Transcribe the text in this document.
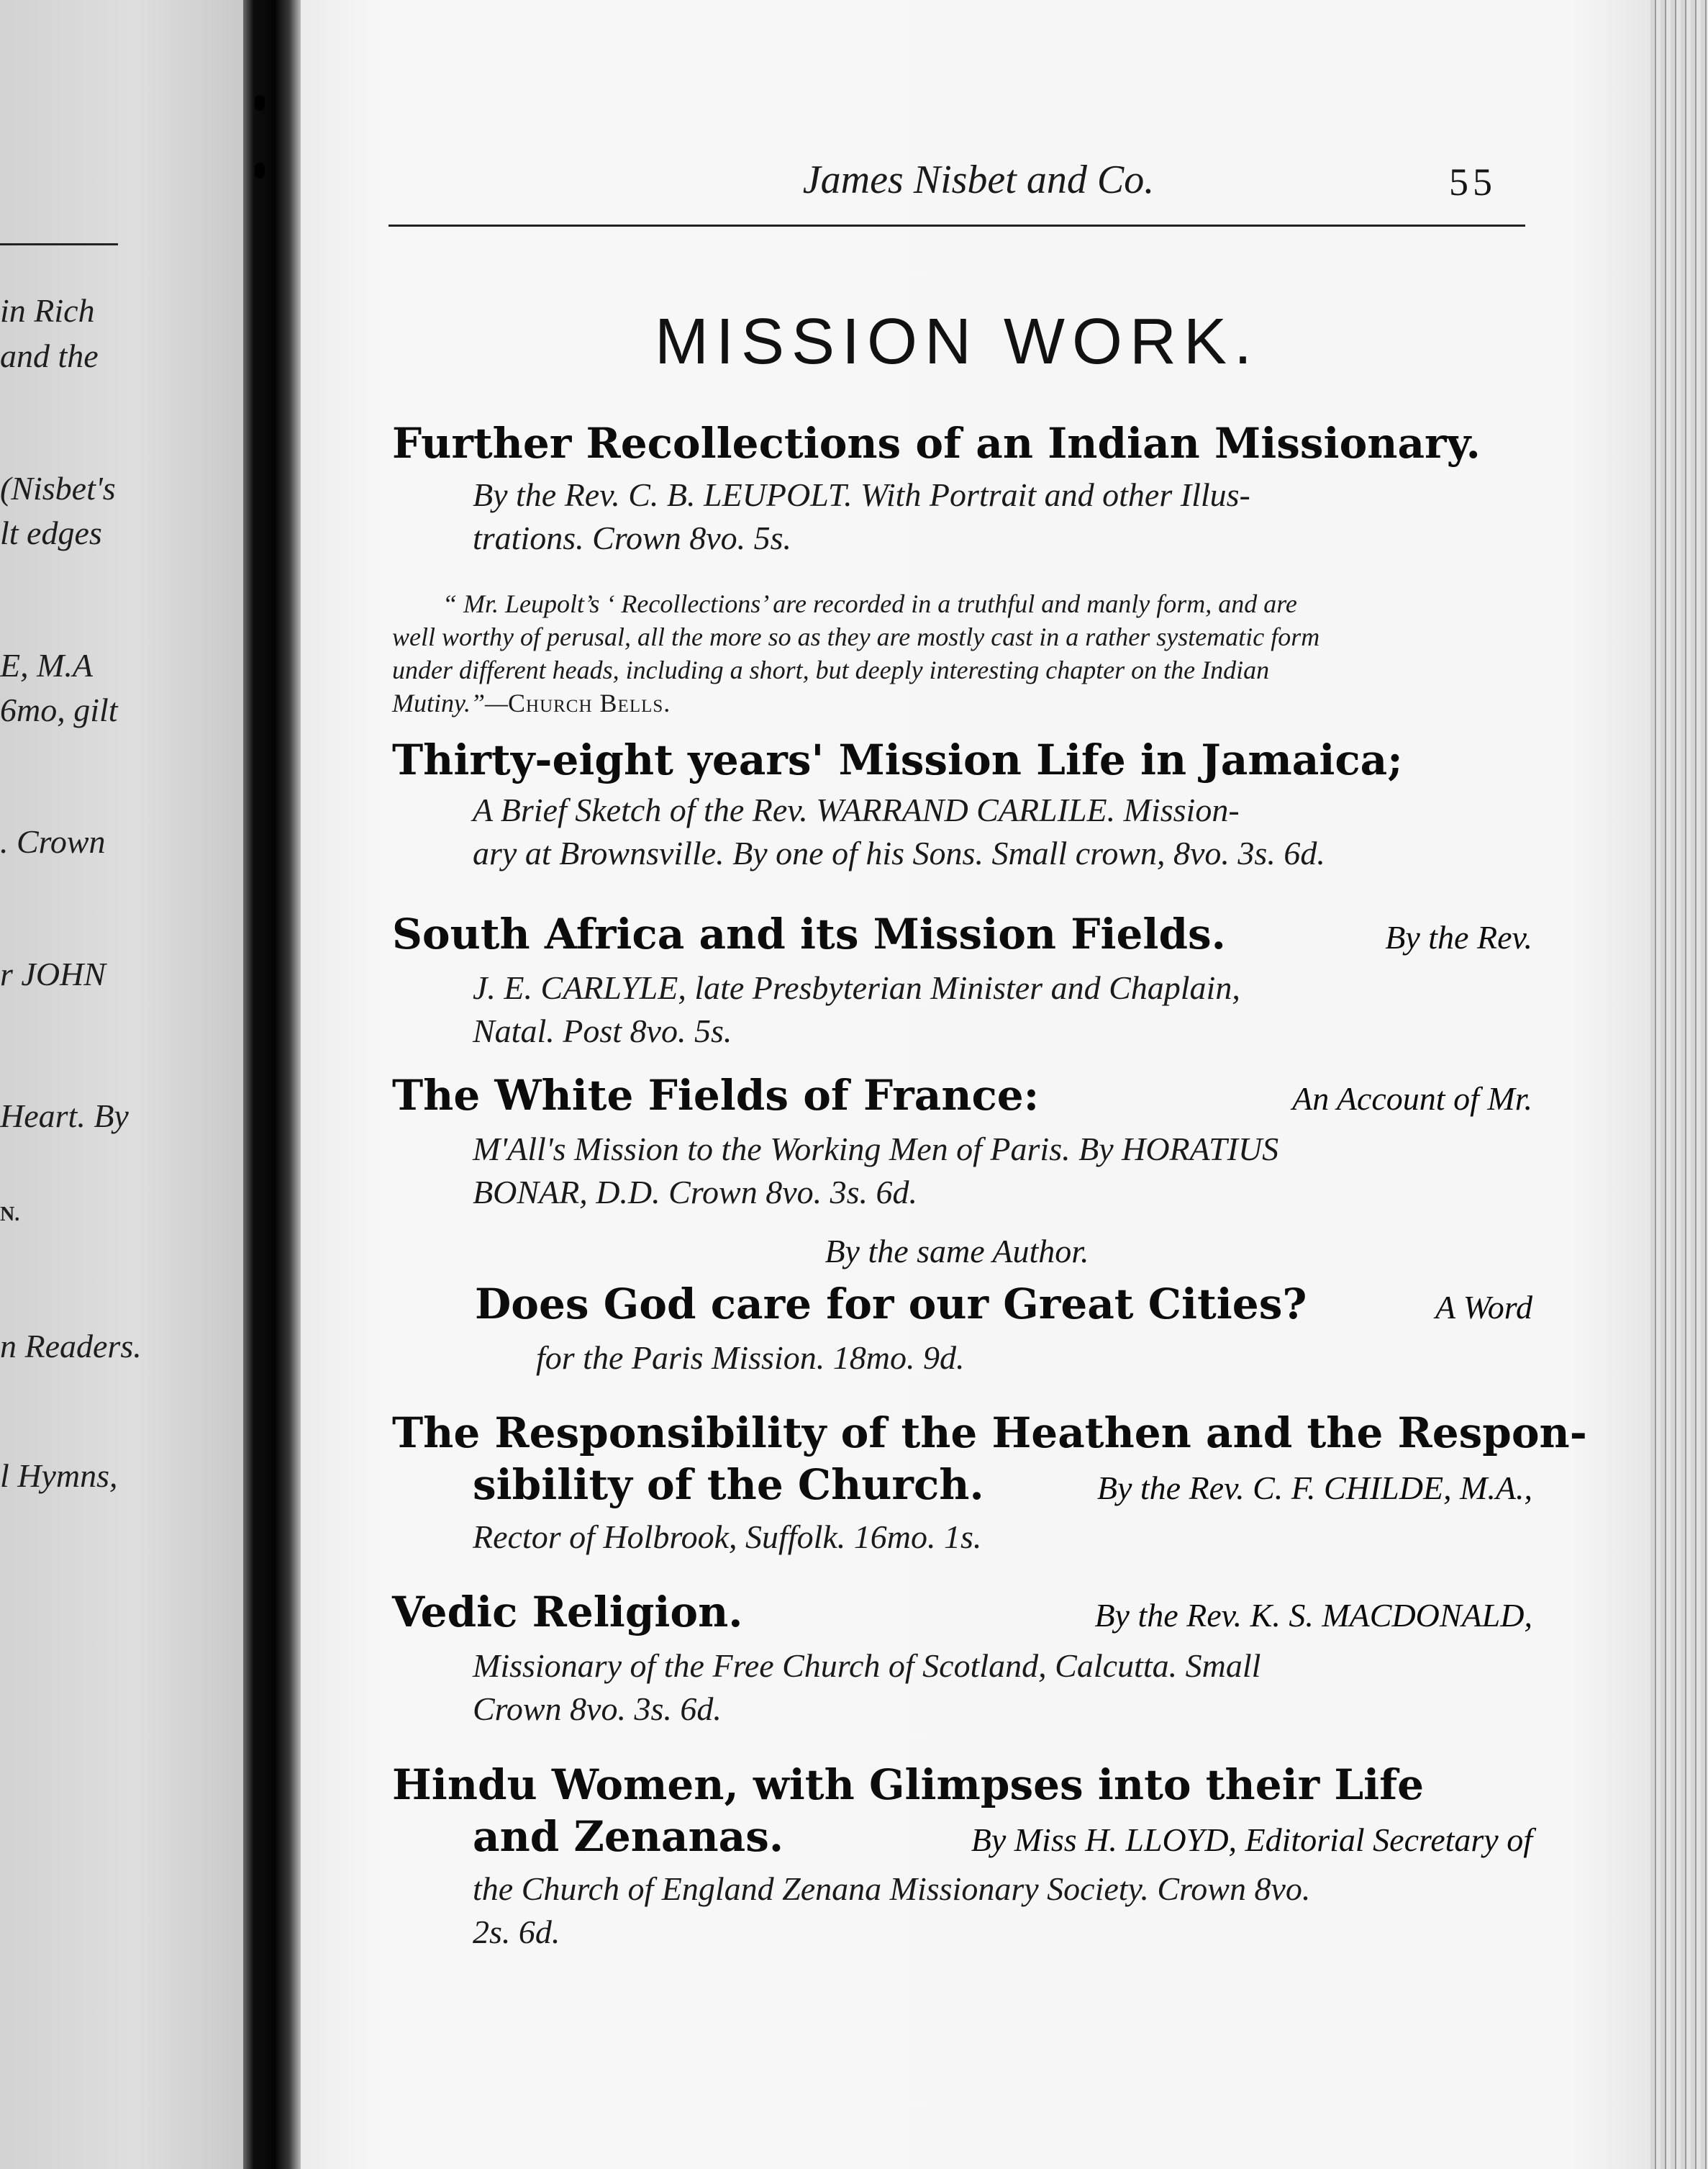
in Rich
and the
(Nisbet's
lt edges
E, M.A
6mo, gilt
. Crown
r JOHN
Heart. By
N.
n Readers.
l Hymns,
James Nisbet and Co.	55
MISSION WORK.
Further Recollections of an Indian Missionary.
By the Rev. C. B. LEUPOLT. With Portrait and other Illus-
trations. Crown 8vo. 5s.
“ Mr. Leupolt’s ‘ Recollections’ are recorded in a truthful and manly form, and are
well worthy of perusal, all the more so as they are mostly cast in a rather systematic form
under different heads, including a short, but deeply interesting chapter on the Indian
Mutiny.”—Church Bells.
Thirty-eight years' Mission Life in Jamaica;
A Brief Sketch of the Rev. WARRAND CARLILE. Mission-
ary at Brownsville. By one of his Sons. Small crown, 8vo. 3s. 6d.
South Africa and its Mission Fields.	By the Rev.
J. E. CARLYLE, late Presbyterian Minister and Chaplain,
Natal. Post 8vo. 5s.
The White Fields of France:	An Account of Mr.
M'All's Mission to the Working Men of Paris. By HORATIUS
BONAR, D.D. Crown 8vo. 3s. 6d.
By the same Author.
Does God care for our Great Cities?	A Word
for the Paris Mission. 18mo. 9d.
The Responsibility of the Heathen and the Respon-
sibility of the Church.	By the Rev. C. F. CHILDE, M.A.,
Rector of Holbrook, Suffolk. 16mo. 1s.
Vedic Religion.	By the Rev. K. S. MACDONALD,
Missionary of the Free Church of Scotland, Calcutta. Small
Crown 8vo. 3s. 6d.
Hindu Women, with Glimpses into their Life
and Zenanas.	By Miss H. LLOYD, Editorial Secretary of
the Church of England Zenana Missionary Society. Crown 8vo.
2s. 6d.
